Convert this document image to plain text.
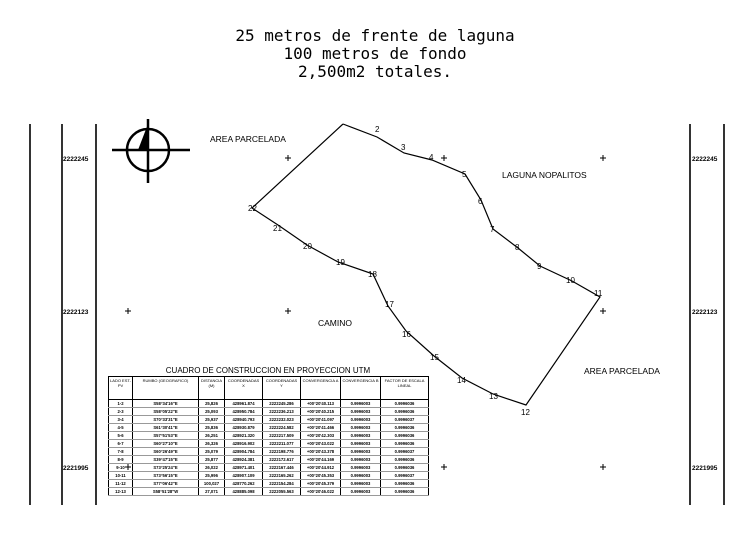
25 metros de frente de laguna
100 metros de fondo
2,500m2 totales.
2
3
4
5
6
7
8
9
10
11
12
13
14
15
16
17
18
19
20
21
22
AREA PARCELADA
LAGUNA NOPALITOS
CAMINO
AREA PARCELADA
2222245
2222123
2221995
2222245
2222123
2221995
CUADRO DE CONSTRUCCION EN PROYECCION UTM
LADO EST-PV	RUMBO (GEOGRAFICO)	DISTANCIA (M)	COORDENADAS X	COORDENADAS Y	CONVERGENCIA A	CONVERGENCIA B	FACTOR DE ESCALA LINEAL
1-2	S58°34'16"E	25,826	428961.874	2222245.286	+00°20'40.113	0.9996003	0.9996036
2-3	S58°05'22"E	25,093	428950.784	2222236.213	+00°20'40.215	0.9996003	0.9996036
3-4	S70°33'31"E	25,937	428940.793	2222232.023	+00°20'41.097	0.9996003	0.9996037
4-5	S61°30'41"E	25,836	428930.879	2222224.582	+00°20'41.466	0.9996003	0.9996036
5-6	S57°51'53"E	26,251	428921.320	2222217.509	+00°20'42.303	0.9996003	0.9996036
6-7	S60°27'10"E	26,326	428916.902	2222211.077	+00°20'43.022	0.9996003	0.9996036
7-8	S60°26'49"E	25,079	428904.784	2222198.776	+00°20'43.378	0.9996003	0.9996037
8-9	S39°47'15"E	25,877	428924.381	2222172.617	+00°20'44.169	0.9996003	0.9996036
9-10	S73°25'24"E	26,022	428971.401	2222167.446	+00°20'44.912	0.9996003	0.9996036
10-11	S73°56'15"E	25,996	428907.109	2222165.262	+00°20'45.353	0.9996003	0.9996037
11-12	S77°06'42"E	100,027	428770.262	2222154.284	+00°20'45.379	0.9996003	0.9996036
12-13	S58°51'28"W	27,071	428885.098	2222055.563	+00°20'46.022	0.9996003	0.9996036
